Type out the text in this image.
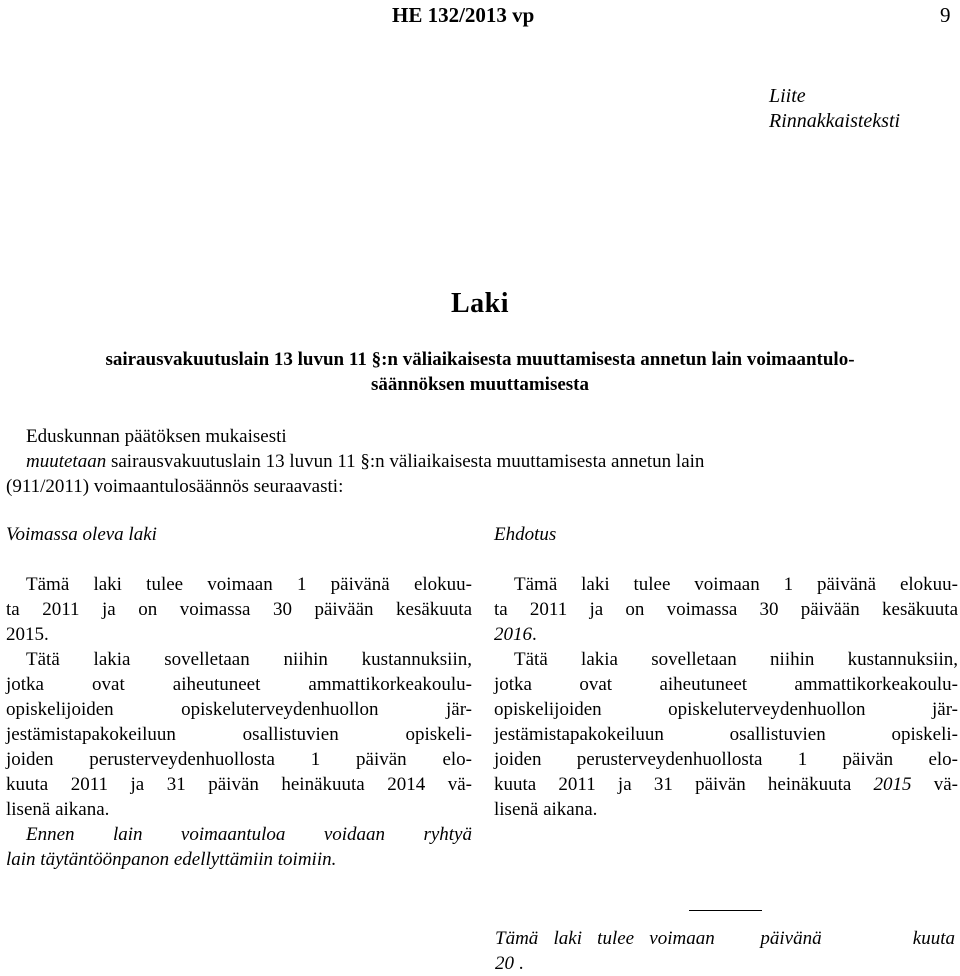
HE 132/2013 vp	9
Liite
Rinnakkaisteksti
Laki
sairausvakuutuslain 13 luvun 11 §:n väliaikaisesta muuttamisesta annetun lain voimaantulo-
säännöksen muuttamisesta
Eduskunnan päätöksen mukaisesti
muutetaan sairausvakuutuslain 13 luvun 11 §:n väliaikaisesta muuttamisesta annetun lain
(911/2011) voimaantulosäännös seuraavasti:
Voimassa oleva laki
Tämä laki tulee voimaan 1 päivänä elokuu-
ta 2011 ja on voimassa 30 päivään kesäkuuta
2015.
Tätä lakia sovelletaan niihin kustannuksiin,
jotka ovat aiheutuneet ammattikorkeakoulu-
opiskelijoiden opiskeluterveydenhuollon jär-
jestämistapakokeiluun osallistuvien opiskeli-
joiden perusterveydenhuollosta 1 päivän elo-
kuuta 2011 ja 31 päivän heinäkuuta 2014 vä-
lisenä aikana.
Ennen lain voimaantuloa voidaan ryhtyä
lain täytäntöönpanon edellyttämiin toimiin.
Ehdotus
Tämä laki tulee voimaan 1 päivänä elokuu-
ta 2011 ja on voimassa 30 päivään kesäkuuta
2016.
Tätä lakia sovelletaan niihin kustannuksiin,
jotka ovat aiheutuneet ammattikorkeakoulu-
opiskelijoiden opiskeluterveydenhuollon jär-
jestämistapakokeiluun osallistuvien opiskeli-
joiden perusterveydenhuollosta 1 päivän elo-
kuuta 2011 ja 31 päivän heinäkuuta 2015 vä-
lisenä aikana.
Tämä laki tulee voimaan   päivänä      kuuta
20 .
